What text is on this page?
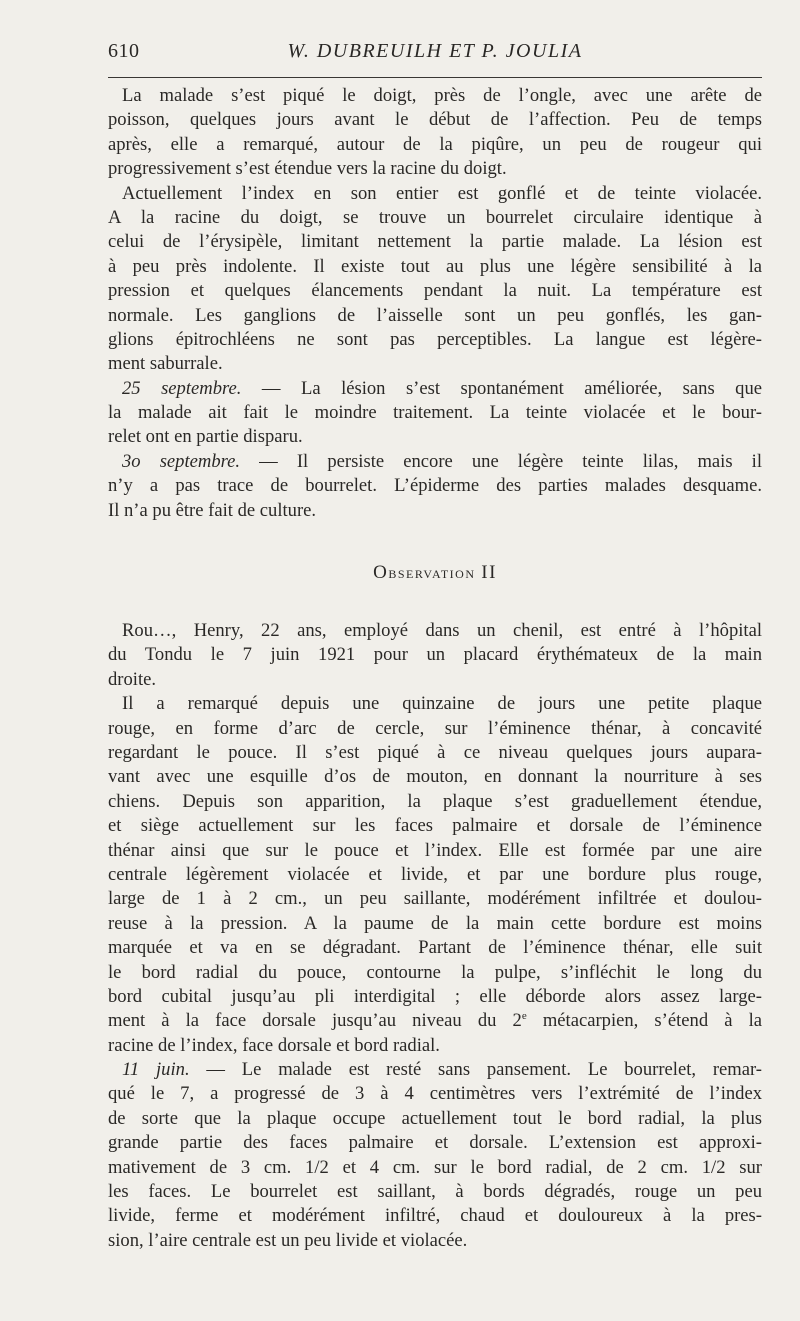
610	W. DUBREUILH ET P. JOULIA
La malade s’est piqué le doigt, près de l’ongle, avec une arête de
poisson, quelques jours avant le début de l’affection. Peu de temps
après, elle a remarqué, autour de la piqûre, un peu de rougeur qui
progressivement s’est étendue vers la racine du doigt.
Actuellement l’index en son entier est gonflé et de teinte violacée.
A la racine du doigt, se trouve un bourrelet circulaire identique à
celui de l’érysipèle, limitant nettement la partie malade. La lésion est
à peu près indolente. Il existe tout au plus une légère sensibilité à la
pression et quelques élancements pendant la nuit. La température est
normale. Les ganglions de l’aisselle sont un peu gonflés, les gan-
glions épitrochléens ne sont pas perceptibles. La langue est légère-
ment saburrale.
25 septembre. — La lésion s’est spontanément améliorée, sans que
la malade ait fait le moindre traitement. La teinte violacée et le bour-
relet ont en partie disparu.
3o septembre. — Il persiste encore une légère teinte lilas, mais il
n’y a pas trace de bourrelet. L’épiderme des parties malades desquame.
Il n’a pu être fait de culture.
Observation II
Rou…, Henry, 22 ans, employé dans un chenil, est entré à l’hôpital
du Tondu le 7 juin 1921 pour un placard érythémateux de la main
droite.
Il a remarqué depuis une quinzaine de jours une petite plaque
rouge, en forme d’arc de cercle, sur l’éminence thénar, à concavité
regardant le pouce. Il s’est piqué à ce niveau quelques jours aupara-
vant avec une esquille d’os de mouton, en donnant la nourriture à ses
chiens. Depuis son apparition, la plaque s’est graduellement étendue,
et siège actuellement sur les faces palmaire et dorsale de l’éminence
thénar ainsi que sur le pouce et l’index. Elle est formée par une aire
centrale légèrement violacée et livide, et par une bordure plus rouge,
large de 1 à 2 cm., un peu saillante, modérément infiltrée et doulou-
reuse à la pression. A la paume de la main cette bordure est moins
marquée et va en se dégradant. Partant de l’éminence thénar, elle suit
le bord radial du pouce, contourne la pulpe, s’infléchit le long du
bord cubital jusqu’au pli interdigital ; elle déborde alors assez large-
ment à la face dorsale jusqu’au niveau du 2e métacarpien, s’étend à la
racine de l’index, face dorsale et bord radial.
11 juin. — Le malade est resté sans pansement. Le bourrelet, remar-
qué le 7, a progressé de 3 à 4 centimètres vers l’extrémité de l’index
de sorte que la plaque occupe actuellement tout le bord radial, la plus
grande partie des faces palmaire et dorsale. L’extension est approxi-
mativement de 3 cm. 1/2 et 4 cm. sur le bord radial, de 2 cm. 1/2 sur
les faces. Le bourrelet est saillant, à bords dégradés, rouge un peu
livide, ferme et modérément infiltré, chaud et douloureux à la pres-
sion, l’aire centrale est un peu livide et violacée.
